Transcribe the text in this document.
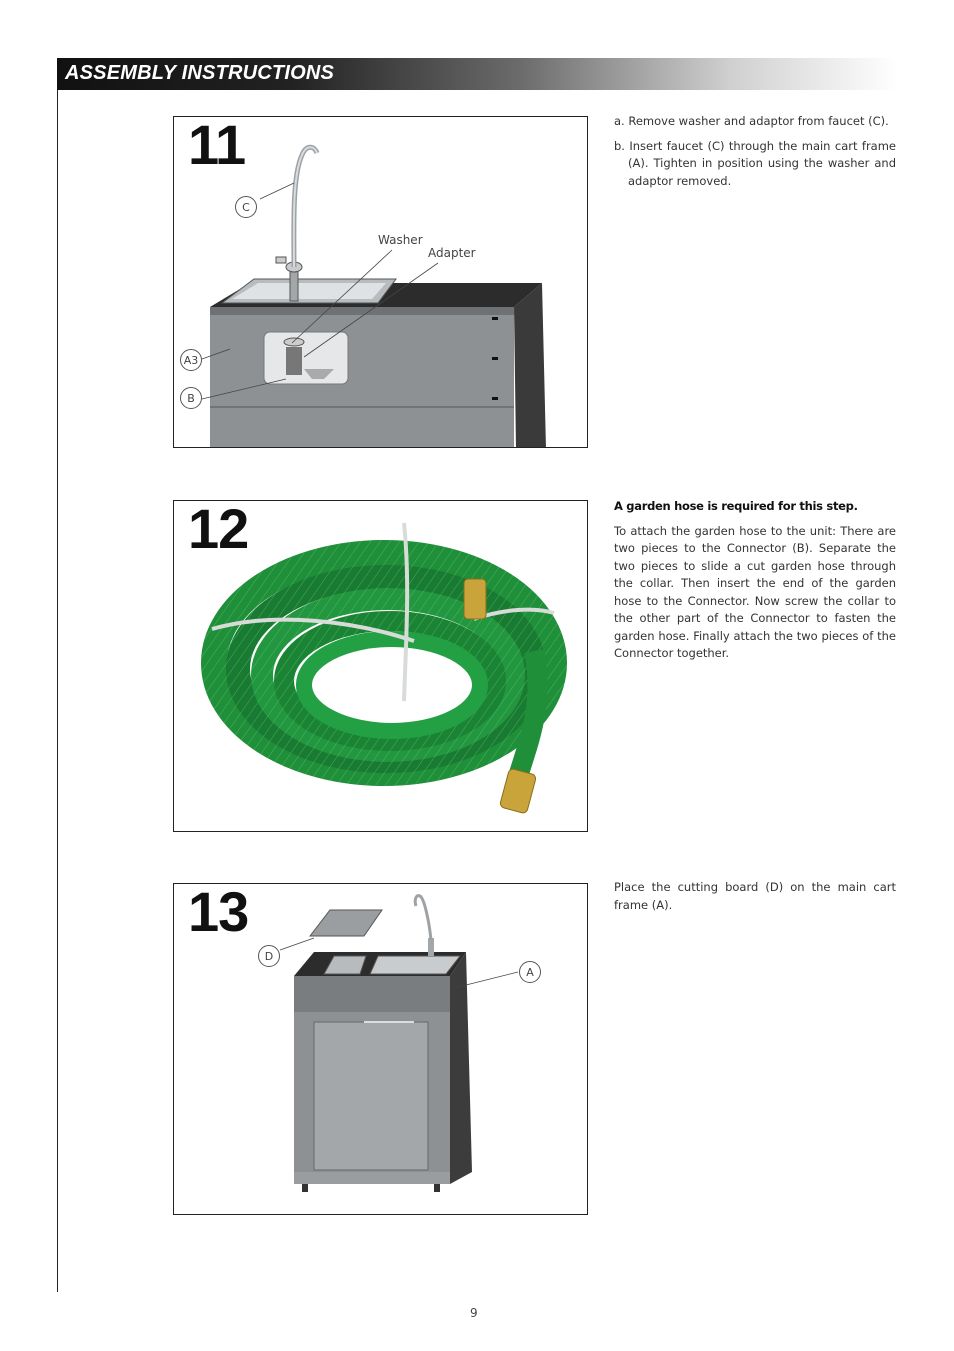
ASSEMBLY INSTRUCTIONS
11
C
A3
B
Washer
Adapter

a. Remove washer and adaptor from faucet (C).

b. Insert faucet (C) through the main cart frame (A). Tighten in position using the washer and adaptor removed.

12	A garden hose is required for this step.

To attach the garden hose to the unit: There are two pieces to the Connector (B). Separate the two pieces to slide a cut garden hose through the collar. Then insert the end of the garden hose to the Connector. Now screw the collar to the other part of the Connector to fasten the garden hose. Finally attach the two pieces of the Connector together.

13
D
A

Place the cutting board (D) on the main cart frame (A).

9
